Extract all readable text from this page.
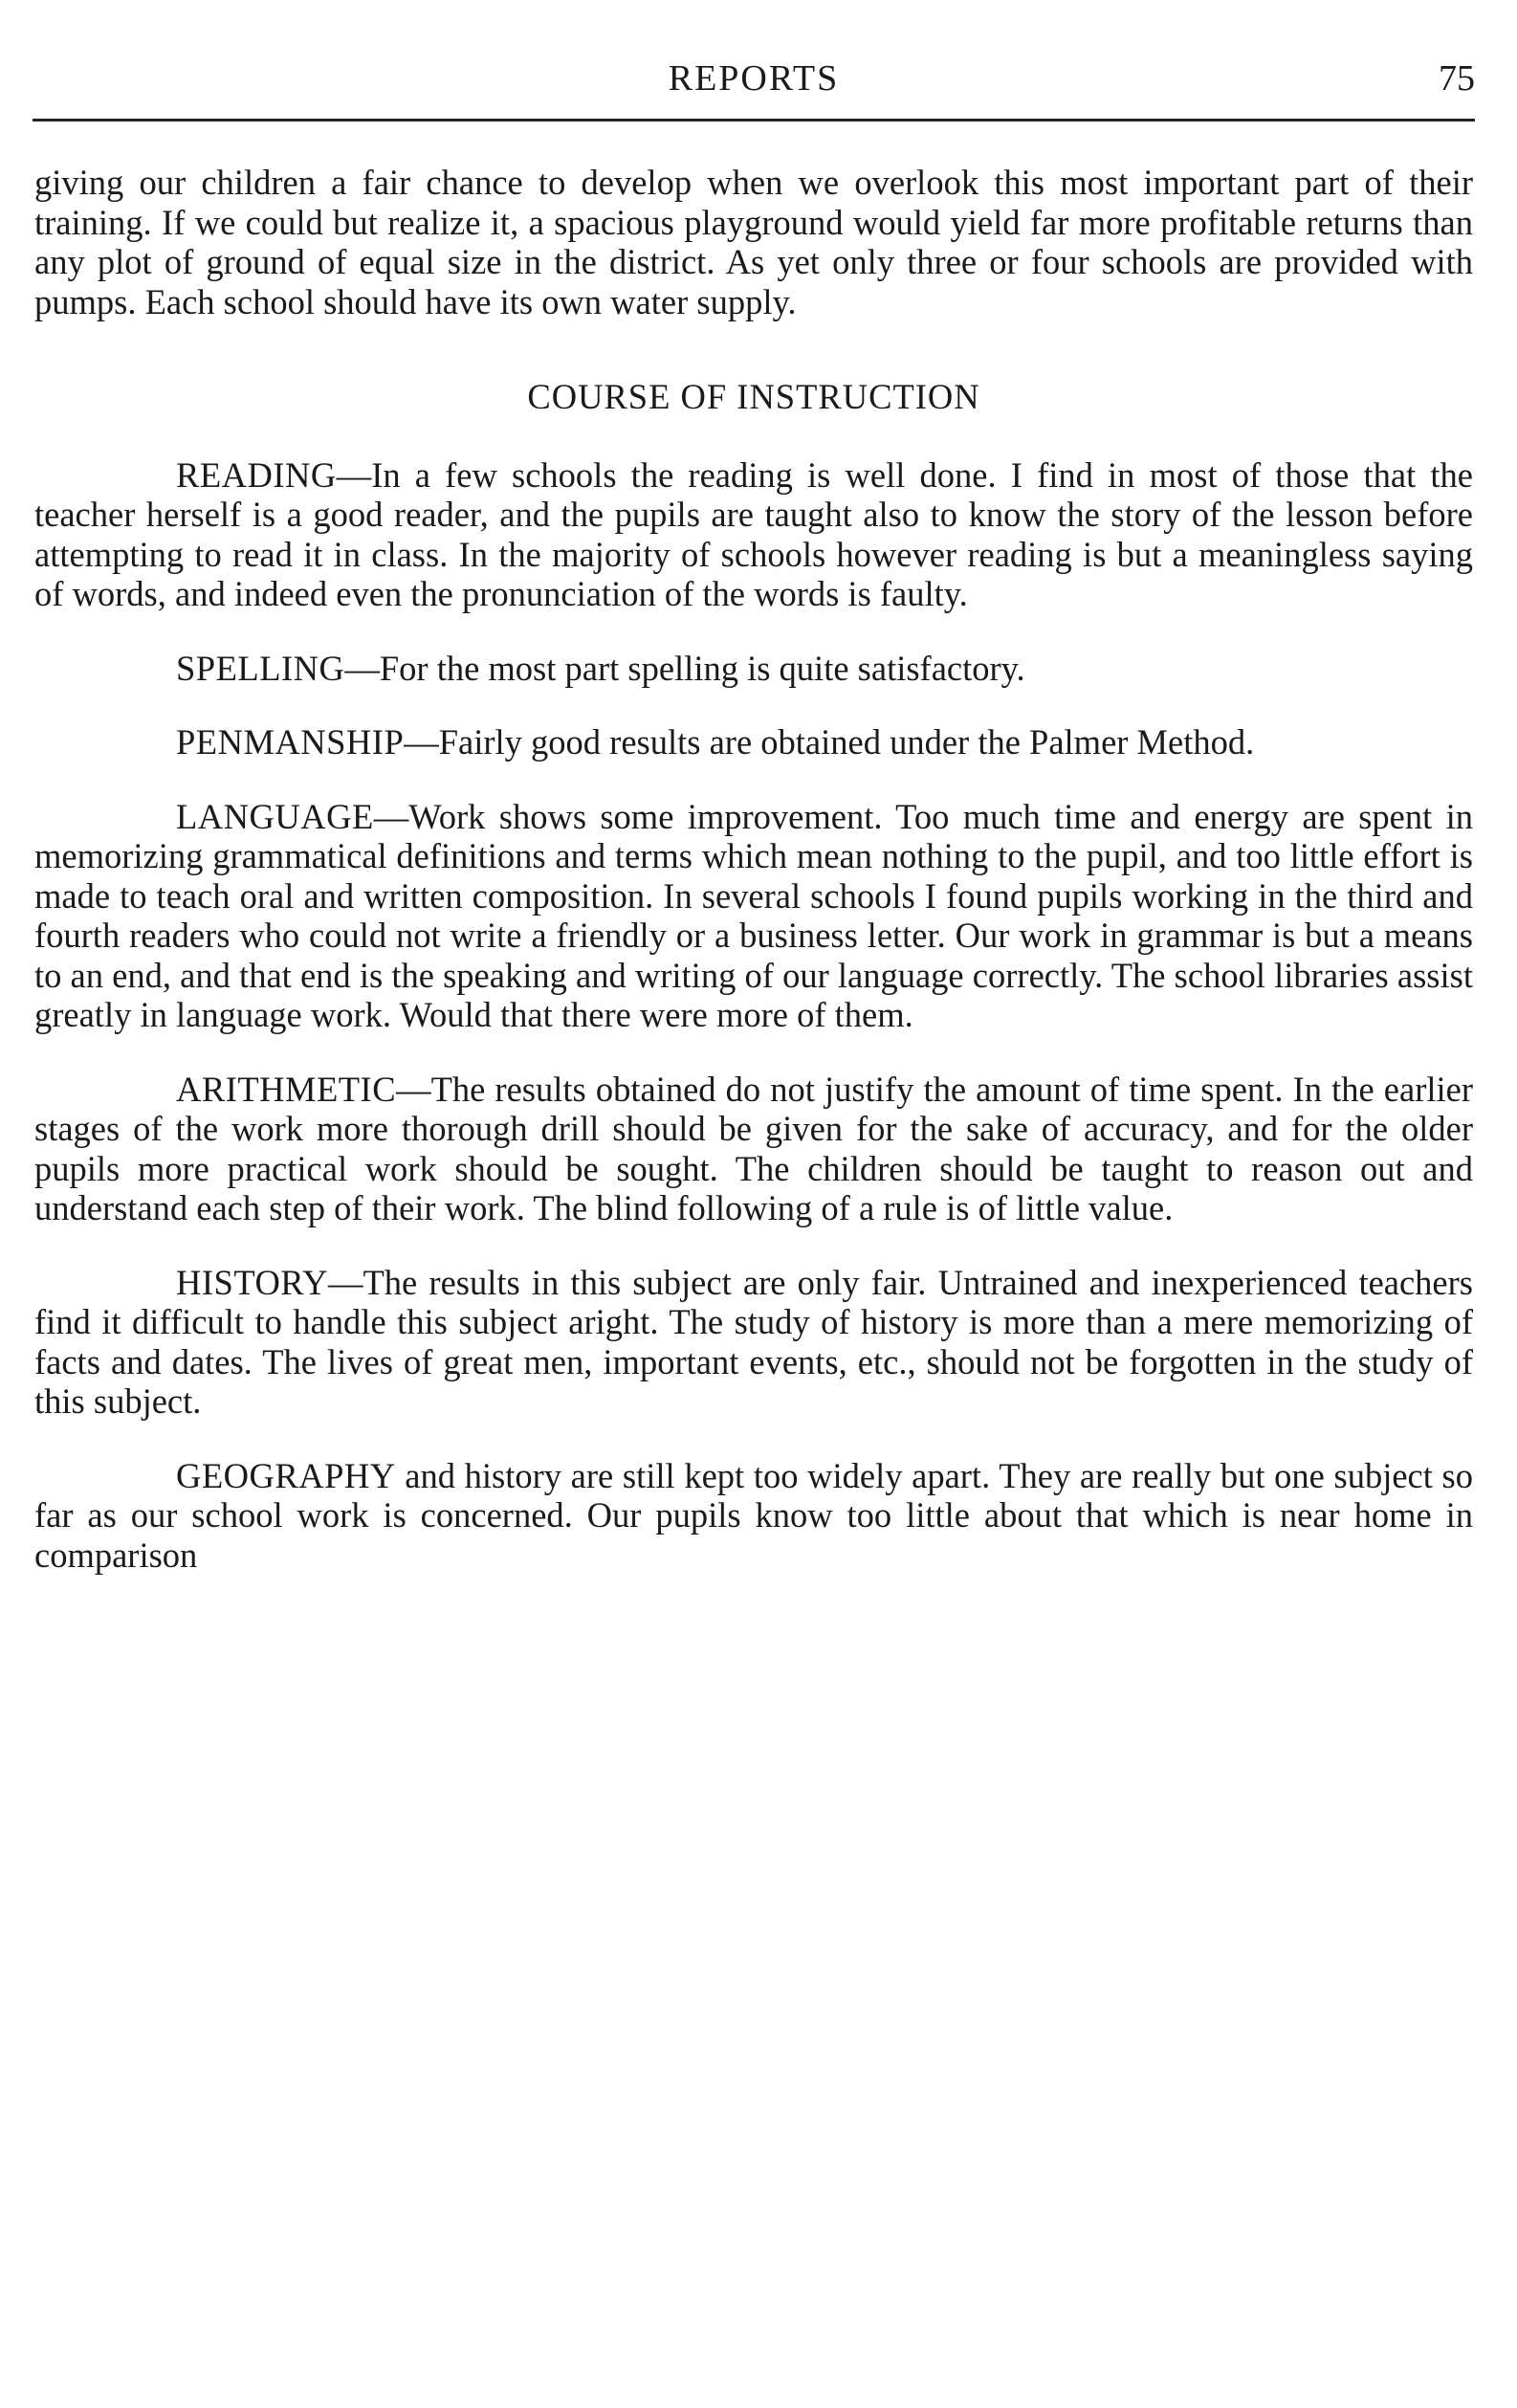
REPORTS	75

giving our children a fair chance to develop when we overlook this most important part of their training. If we could but realize it, a spacious playground would yield far more profitable returns than any plot of ground of equal size in the district. As yet only three or four schools are provided with pumps. Each school should have its own water supply.

COURSE OF INSTRUCTION

READING—In a few schools the reading is well done. I find in most of those that the teacher herself is a good reader, and the pupils are taught also to know the story of the lesson before attempting to read it in class. In the majority of schools however reading is but a meaningless saying of words, and indeed even the pronunciation of the words is faulty.

SPELLING—For the most part spelling is quite satisfactory.

PENMANSHIP—Fairly good results are obtained under the Palmer Method.

LANGUAGE—Work shows some improvement. Too much time and energy are spent in memorizing grammatical definitions and terms which mean nothing to the pupil, and too little effort is made to teach oral and written composition. In several schools I found pupils working in the third and fourth readers who could not write a friendly or a business letter. Our work in grammar is but a means to an end, and that end is the speaking and writing of our language correctly. The school libraries assist greatly in language work. Would that there were more of them.

ARITHMETIC—The results obtained do not justify the amount of time spent. In the earlier stages of the work more thorough drill should be given for the sake of accuracy, and for the older pupils more practical work should be sought. The children should be taught to reason out and understand each step of their work. The blind following of a rule is of little value.

HISTORY—The results in this subject are only fair. Untrained and inexperienced teachers find it difficult to handle this subject aright. The study of history is more than a mere memorizing of facts and dates. The lives of great men, important events, etc., should not be forgotten in the study of this subject.

GEOGRAPHY and history are still kept too widely apart. They are really but one subject so far as our school work is concerned. Our pupils know too little about that which is near home in comparison
